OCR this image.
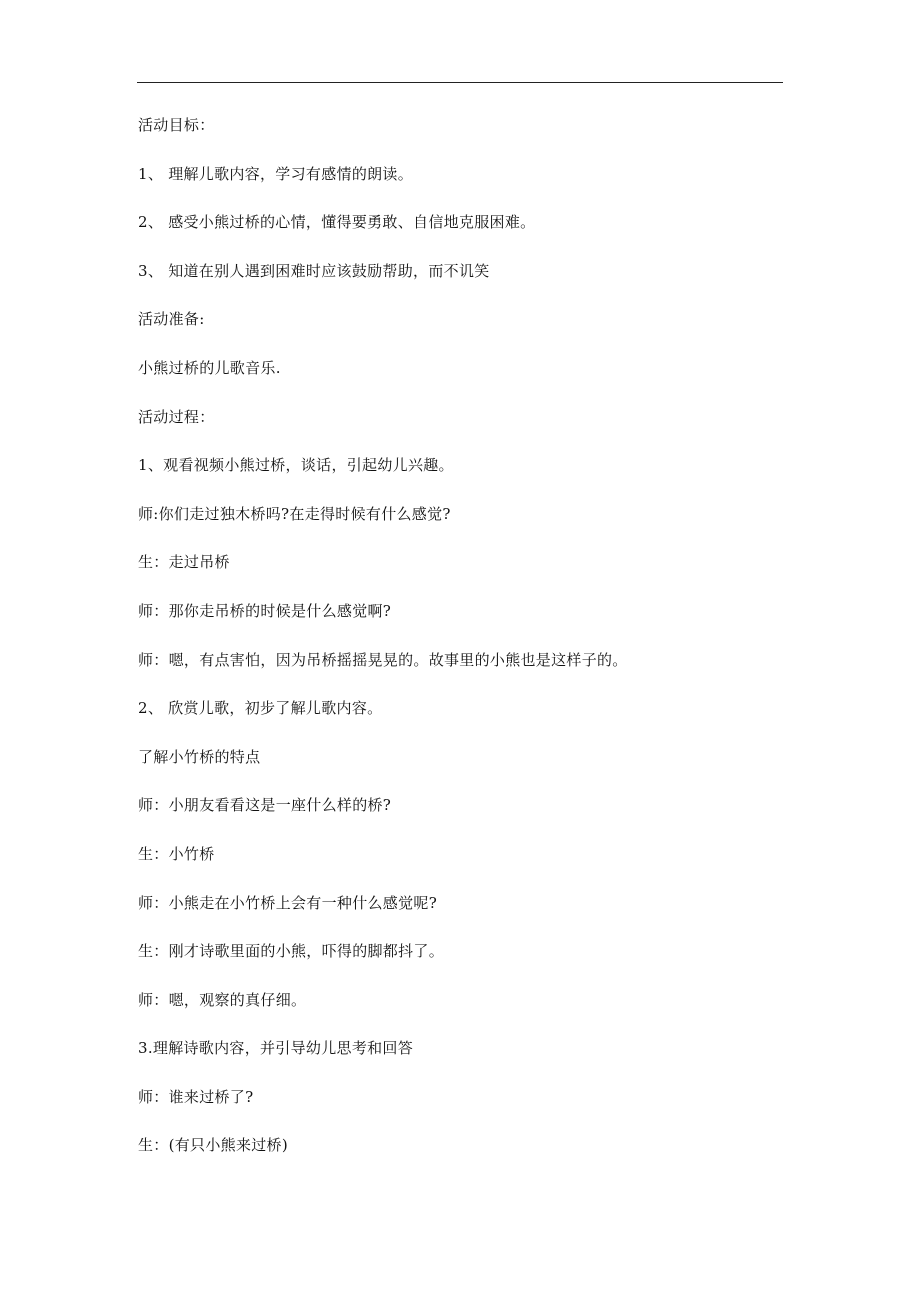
活动目标：
1、 理解儿歌内容，学习有感情的朗读。
2、 感受小熊过桥的心情，懂得要勇敢、自信地克服困难。
3、 知道在别人遇到困难时应该鼓励帮助，而不讥笑
活动准备:
小熊过桥的儿歌音乐.
活动过程：
1、观看视频小熊过桥，谈话，引起幼儿兴趣。
师:你们走过独木桥吗?在走得时候有什么感觉?
生：走过吊桥
师：那你走吊桥的时候是什么感觉啊?
师：嗯，有点害怕，因为吊桥摇摇晃晃的。故事里的小熊也是这样子的。
2、 欣赏儿歌，初步了解儿歌内容。
了解小竹桥的特点
师：小朋友看看这是一座什么样的桥?
生：小竹桥
师：小熊走在小竹桥上会有一种什么感觉呢?
生：刚才诗歌里面的小熊，吓得的脚都抖了。
师：嗯，观察的真仔细。
3.理解诗歌内容，并引导幼儿思考和回答
师：谁来过桥了?
生：(有只小熊来过桥)
